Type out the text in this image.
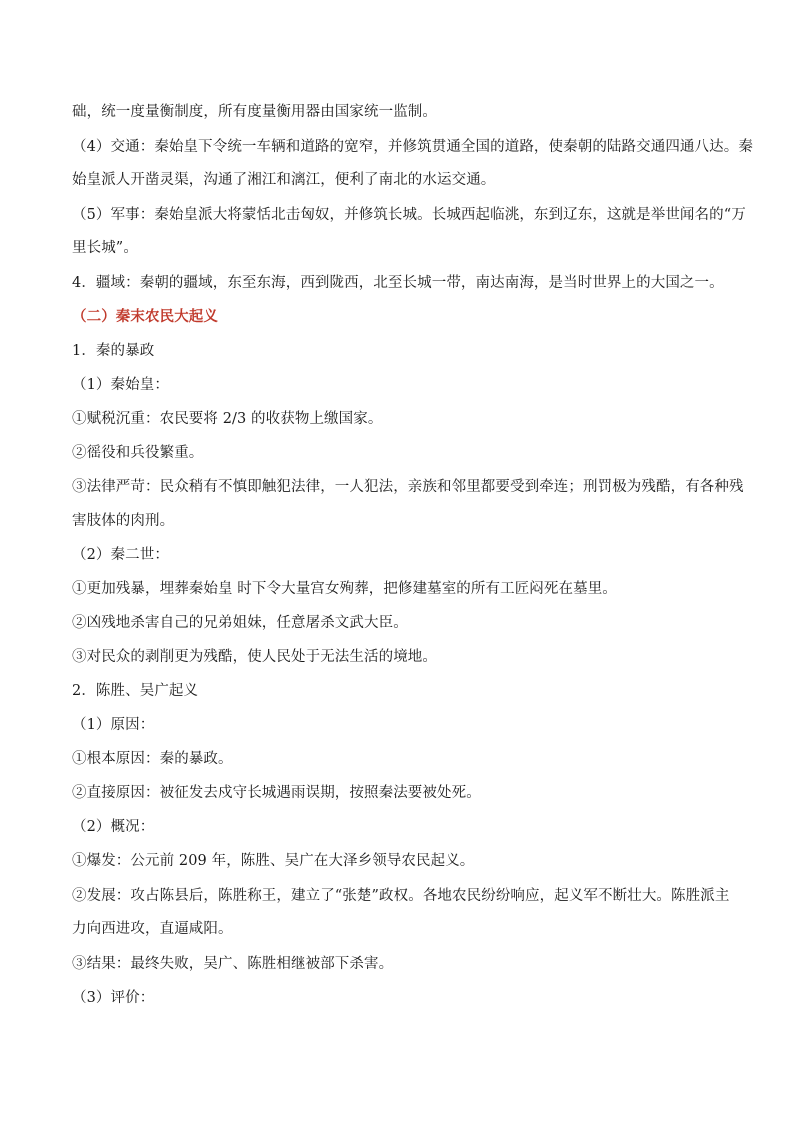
础，统一度量衡制度，所有度量衡用器由国家统一监制。
（4）交通：秦始皇下令统一车辆和道路的宽窄，并修筑贯通全国的道路，使秦朝的陆路交通四通八达。秦
始皇派人开凿灵渠，沟通了湘江和漓江，便利了南北的水运交通。
（5）军事：秦始皇派大将蒙恬北击匈奴，并修筑长城。长城西起临洮，东到辽东，这就是举世闻名的“万
里长城”。
4．疆域：秦朝的疆域，东至东海，西到陇西，北至长城一带，南达南海，是当时世界上的大国之一。
（二）秦末农民大起义
1．秦的暴政
（1）秦始皇：
①赋税沉重：农民要将 2/3 的收获物上缴国家。
②徭役和兵役繁重。
③法律严苛：民众稍有不慎即触犯法律，一人犯法，亲族和邻里都要受到牵连；刑罚极为残酷，有各种残
害肢体的肉刑。
（2）秦二世：
①更加残暴，埋葬秦始皇 时下令大量宫女殉葬，把修建墓室的所有工匠闷死在墓里。
②凶残地杀害自己的兄弟姐妹，任意屠杀文武大臣。
③对民众的剥削更为残酷，使人民处于无法生活的境地。
2．陈胜、吴广起义
（1）原因：
①根本原因：秦的暴政。
②直接原因：被征发去戍守长城遇雨误期，按照秦法要被处死。
（2）概况：
①爆发：公元前 209 年，陈胜、吴广在大泽乡领导农民起义。
②发展：攻占陈县后，陈胜称王，建立了“张楚”政权。各地农民纷纷响应，起义军不断壮大。陈胜派主
力向西进攻，直逼咸阳。
③结果：最终失败，吴广、陈胜相继被部下杀害。
（3）评价：
